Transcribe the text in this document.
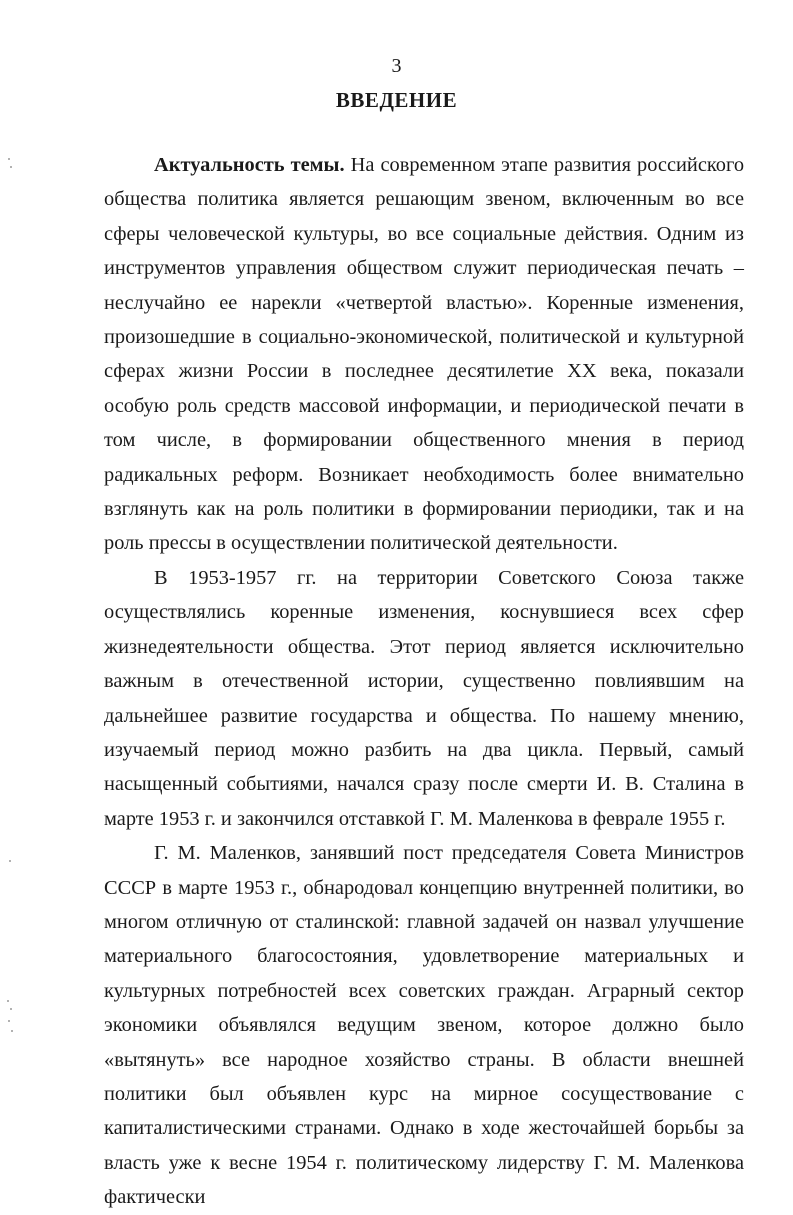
3
ВВЕДЕНИЕ

Актуальность темы. На современном этапе развития российского общества политика является решающим звеном, включенным во все сферы человеческой культуры, во все социальные действия. Одним из инструментов управления обществом служит периодическая печать – неслучайно ее нарекли «четвертой властью». Коренные изменения, произошедшие в социально-экономической, политической и культурной сферах жизни России в последнее десятилетие XX века, показали особую роль средств массовой информации, и периодической печати в том числе, в формировании общественного мнения в период радикальных реформ. Возникает необходимость более внимательно взглянуть как на роль политики в формировании периодики, так и на роль прессы в осуществлении политической деятельности.

В 1953-1957 гг. на территории Советского Союза также осуществлялись коренные изменения, коснувшиеся всех сфер жизнедеятельности общества. Этот период является исключительно важным в отечественной истории, существенно повлиявшим на дальнейшее развитие государства и общества. По нашему мнению, изучаемый период можно разбить на два цикла. Первый, самый насыщенный событиями, начался сразу после смерти И. В. Сталина в марте 1953 г. и закончился отставкой Г. М. Маленкова в феврале 1955 г.

Г. М. Маленков, занявший пост председателя Совета Министров СССР в марте 1953 г., обнародовал концепцию внутренней политики, во многом отличную от сталинской: главной задачей он назвал улучшение материального благосостояния, удовлетворение материальных и культурных потребностей всех советских граждан. Аграрный сектор экономики объявлялся ведущим звеном, которое должно было «вытянуть» все народное хозяйство страны. В области внешней политики был объявлен курс на мирное сосуществование с капиталистическими странами. Однако в ходе жесточайшей борьбы за власть уже к весне 1954 г. политическому лидерству Г. М. Маленкова фактически
